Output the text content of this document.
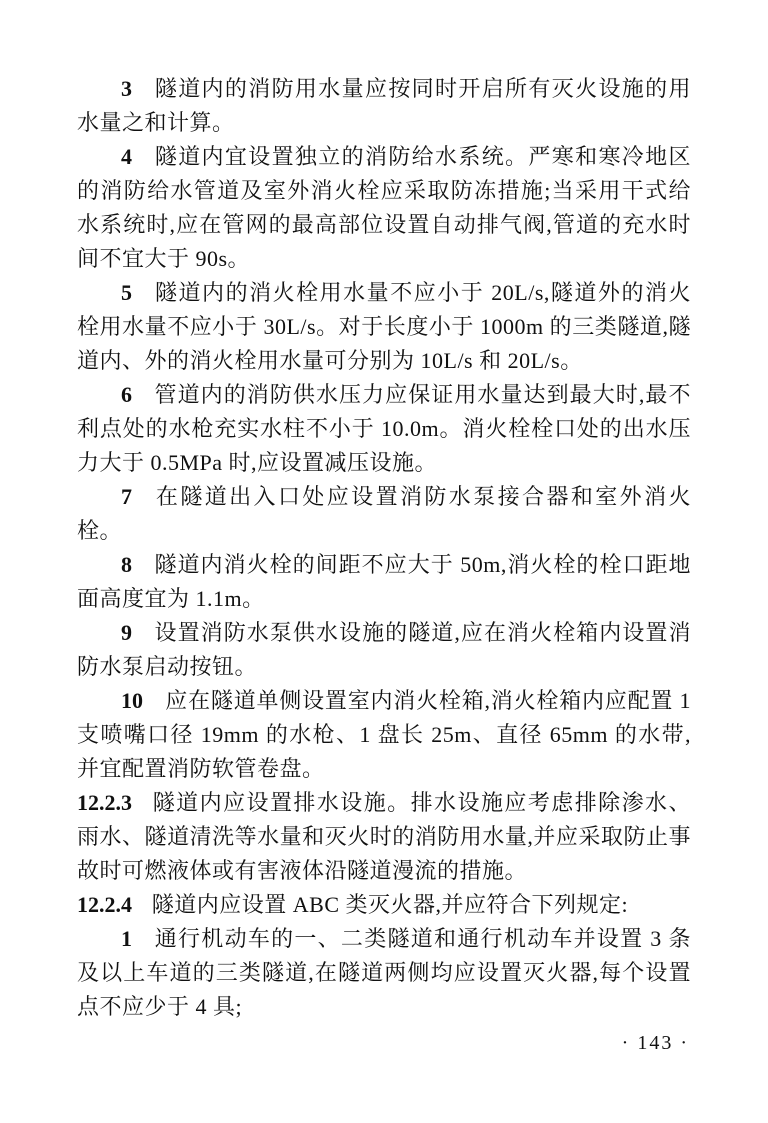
3 隧道内的消防用水量应按同时开启所有灭火设施的用水量之和计算。

4 隧道内宜设置独立的消防给水系统。严寒和寒冷地区的消防给水管道及室外消火栓应采取防冻措施;当采用干式给水系统时,应在管网的最高部位设置自动排气阀,管道的充水时间不宜大于 90s。

5 隧道内的消火栓用水量不应小于 20L/s,隧道外的消火栓用水量不应小于 30L/s。对于长度小于 1000m 的三类隧道,隧道内、外的消火栓用水量可分别为 10L/s 和 20L/s。

6 管道内的消防供水压力应保证用水量达到最大时,最不利点处的水枪充实水柱不小于 10.0m。消火栓栓口处的出水压力大于 0.5MPa 时,应设置减压设施。

7 在隧道出入口处应设置消防水泵接合器和室外消火栓。

8 隧道内消火栓的间距不应大于 50m,消火栓的栓口距地面高度宜为 1.1m。

9 设置消防水泵供水设施的隧道,应在消火栓箱内设置消防水泵启动按钮。

10 应在隧道单侧设置室内消火栓箱,消火栓箱内应配置 1 支喷嘴口径 19mm 的水枪、1 盘长 25m、直径 65mm 的水带,并宜配置消防软管卷盘。

12.2.3 隧道内应设置排水设施。排水设施应考虑排除渗水、雨水、隧道清洗等水量和灭火时的消防用水量,并应采取防止事故时可燃液体或有害液体沿隧道漫流的措施。

12.2.4 隧道内应设置 ABC 类灭火器,并应符合下列规定:

1 通行机动车的一、二类隧道和通行机动车并设置 3 条及以上车道的三类隧道,在隧道两侧均应设置灭火器,每个设置点不应少于 4 具;

· 143 ·
